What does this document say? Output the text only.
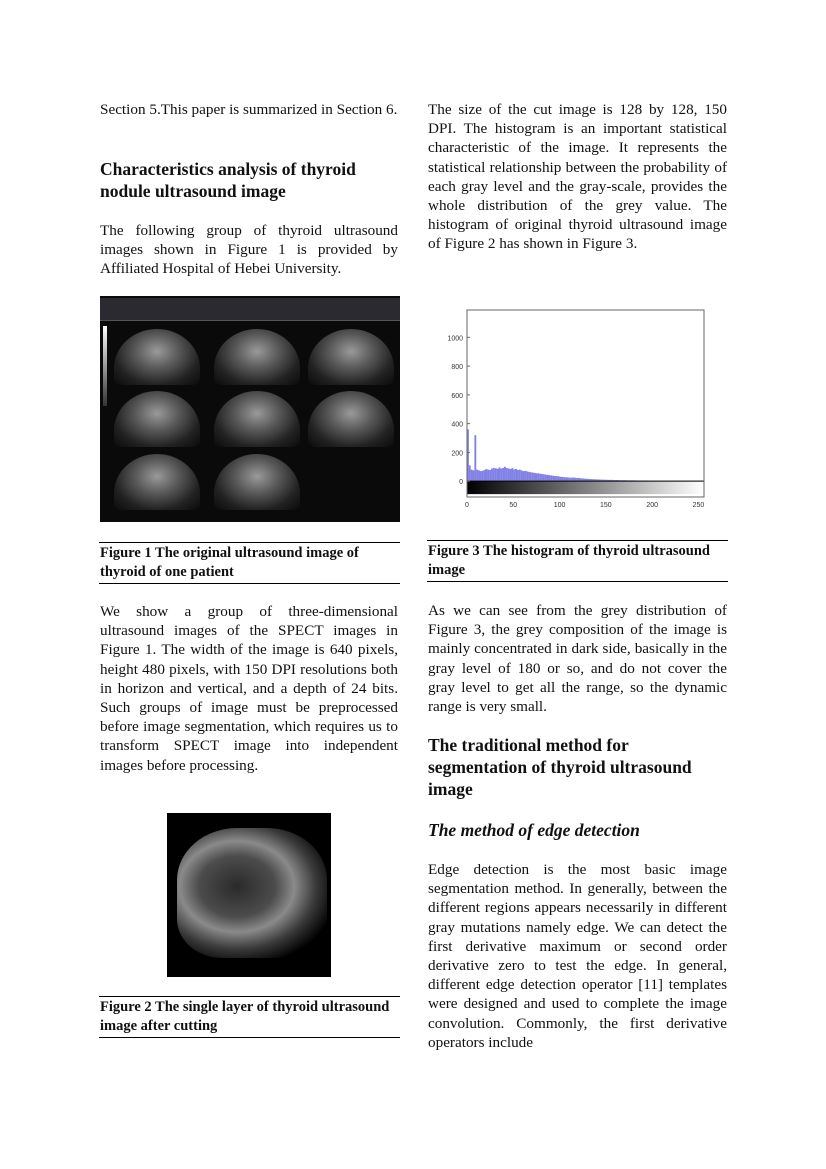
Section 5.This paper is summarized in Section 6.

Characteristics analysis of thyroid nodule ultrasound image

The following group of thyroid ultrasound images shown in Figure 1 is provided by Affiliated Hospital of Hebei University.

Figure 1 The original ultrasound image of thyroid of one patient

We show a group of three-dimensional ultrasound images of the SPECT images in Figure 1. The width of the image is 640 pixels, height 480 pixels, with 150 DPI resolutions both in horizon and vertical, and a depth of 24 bits. Such groups of image must be preprocessed before image segmentation, which requires us to transform SPECT image into independent images before processing.

Figure 2 The single layer of thyroid ultrasound image after cutting

The size of the cut image is 128 by 128, 150 DPI. The histogram is an important statistical characteristic of the image. It represents the statistical relationship between the probability of each gray level and the gray-scale, provides the whole distribution of the grey value. The histogram of original thyroid ultrasound image of Figure 2 has shown in Figure 3.

0
200
400
600
800
1000
0	50	100	150	200	250
Figure 3 The histogram of thyroid ultrasound image

As we can see from the grey distribution of Figure 3, the grey composition of the image is mainly concentrated in dark side, basically in the gray level of 180 or so, and do not cover the gray level to get all the range, so the dynamic range is very small.

The traditional method for segmentation of thyroid ultrasound image
The method of edge detection

Edge detection is the most basic image segmentation method. In generally, between the different regions appears necessarily in different gray mutations namely edge. We can detect the first derivative maximum or second order derivative zero to test the edge. In general, different edge detection operator [11] templates were designed and used to complete the image convolution. Commonly, the first derivative operators include
